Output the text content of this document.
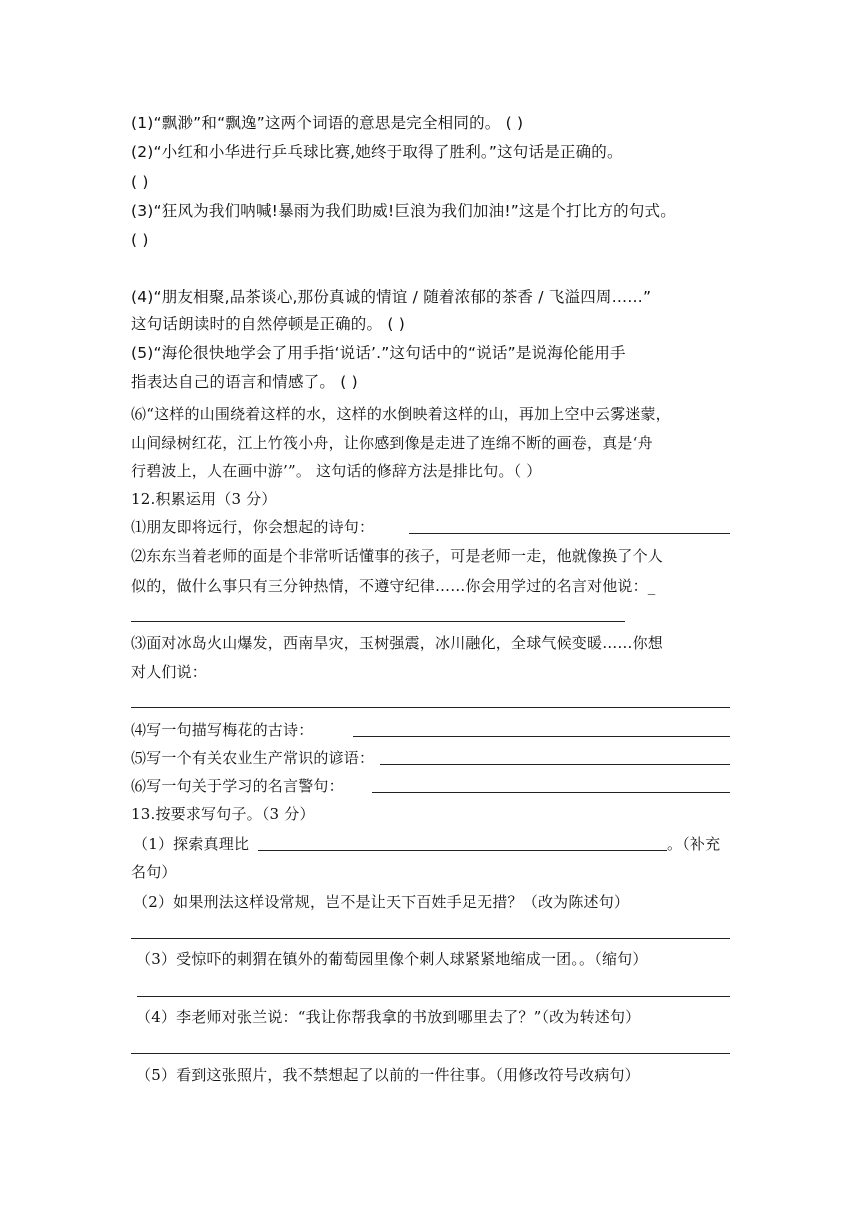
(1)“飘渺”和“飘逸”这两个词语的意思是完全相同的。 ( )
(2)“小红和小华进行乒乓球比赛,她终于取得了胜利。”这句话是正确的。
( )
(3)“狂风为我们呐喊!暴雨为我们助威!巨浪为我们加油!”这是个打比方的句式。
( )
(4)“朋友相聚,品茶谈心,那份真诚的情谊 / 随着浓郁的茶香 / 飞溢四周……”
这句话朗读时的自然停顿是正确的。 ( )
(5)“海伦很快地学会了用手指‘说话’.”这句话中的“说话”是说海伦能用手
指表达自己的语言和情感了。 ( )
⑹“这样的山围绕着这样的水，这样的水倒映着这样的山，再加上空中云雾迷蒙，
山间绿树红花，江上竹筏小舟，让你感到像是走进了连绵不断的画卷，真是‘舟
行碧波上，人在画中游’”。 这句话的修辞方法是排比句。（ ）
12.积累运用（3 分）
⑴朋友即将远行，你会想起的诗句：
⑵东东当着老师的面是个非常听话懂事的孩子，可是老师一走，他就像换了个人
似的，做什么事只有三分钟热情，不遵守纪律……你会用学过的名言对他说：_
⑶面对冰岛火山爆发，西南旱灾，玉树强震，冰川融化，全球气候变暖……你想
对人们说：
⑷写一句描写梅花的古诗：
⑸写一个有关农业生产常识的谚语：
⑹写一句关于学习的名言警句：
13.按要求写句子。（3 分）
（1）探索真理比	。（补充
名句）
（2）如果刑法这样设常规，岂不是让天下百姓手足无措？（改为陈述句）
（3）受惊吓的刺猬在镇外的葡萄园里像个刺人球紧紧地缩成一团。。（缩句）
（4）李老师对张兰说：“我让你帮我拿的书放到哪里去了？”（改为转述句）
（5）看到这张照片，我不禁想起了以前的一件往事。（用修改符号改病句）
